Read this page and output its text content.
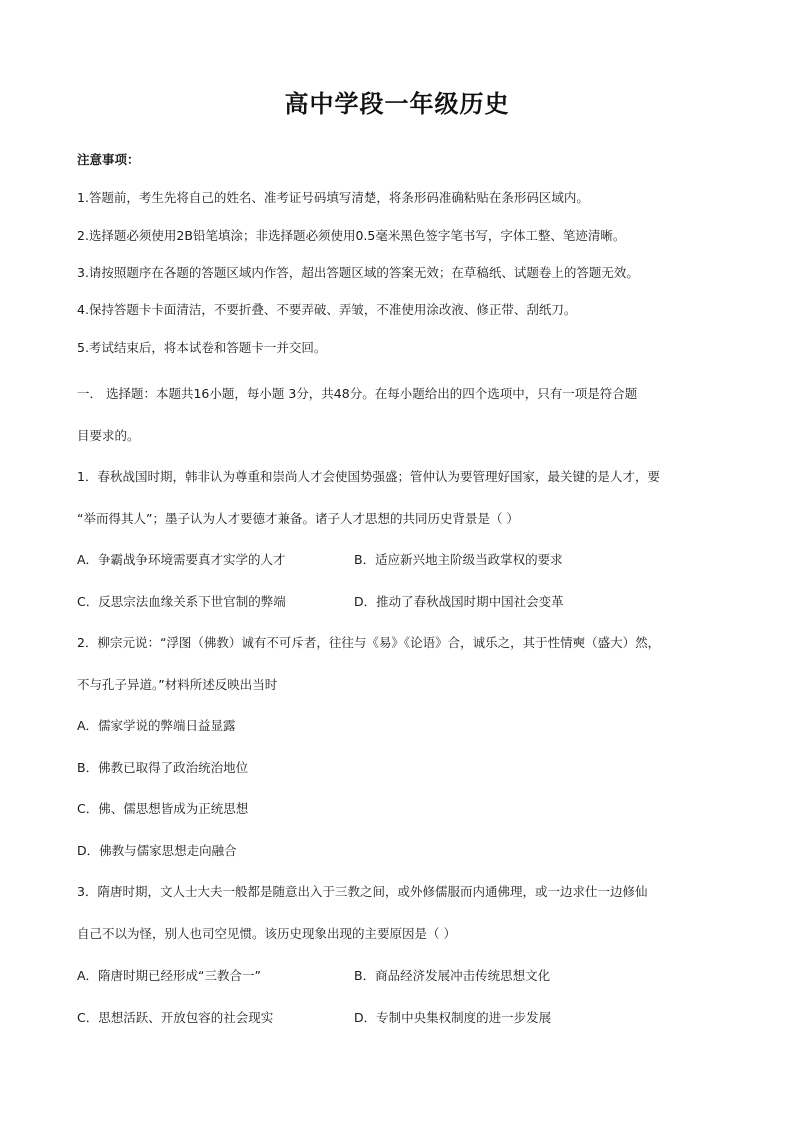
高中学段一年级历史
注意事项：
1.答题前，考生先将自己的姓名、准考证号码填写清楚，将条形码准确粘贴在条形码区域内。
2.选择题必须使用2B铅笔填涂；非选择题必须使用0.5毫米黑色签字笔书写，字体工整、笔迹清晰。
3.请按照题序在各题的答题区域内作答，超出答题区域的答案无效；在草稿纸、试题卷上的答题无效。
4.保持答题卡卡面清洁，不要折叠、不要弄破、弄皱，不准使用涂改液、修正带、刮纸刀。
5.考试结束后，将本试卷和答题卡一并交回。
一． 选择题：本题共16小题，每小题 3分，共48分。在每小题给出的四个选项中，只有一项是符合题
目要求的。
1．春秋战国时期，韩非认为尊重和崇尚人才会使国势强盛；管仲认为要管理好国家，最关键的是人才，要
“举而得其人”；墨子认为人才要德才兼备。诸子人才思想的共同历史背景是（ ）
A．争霸战争环境需要真才实学的人才	B．适应新兴地主阶级当政掌权的要求
C．反思宗法血缘关系下世官制的弊端	D．推动了春秋战国时期中国社会变革
2．柳宗元说：“浮图（佛教）诚有不可斥者，往往与《易》《论语》合，诚乐之，其于性情奭（盛大）然，
不与孔子异道。”材料所述反映出当时
A．儒家学说的弊端日益显露
B．佛教已取得了政治统治地位
C．佛、儒思想皆成为正统思想
D．佛教与儒家思想走向融合
3．隋唐时期，文人士大夫一般都是随意出入于三教之间，或外修儒服而内通佛理，或一边求仕一边修仙
自己不以为怪，别人也司空见惯。该历史现象出现的主要原因是（ ）
A．隋唐时期已经形成“三教合一”	B．商品经济发展冲击传统思想文化
C．思想活跃、开放包容的社会现实	D．专制中央集权制度的进一步发展
